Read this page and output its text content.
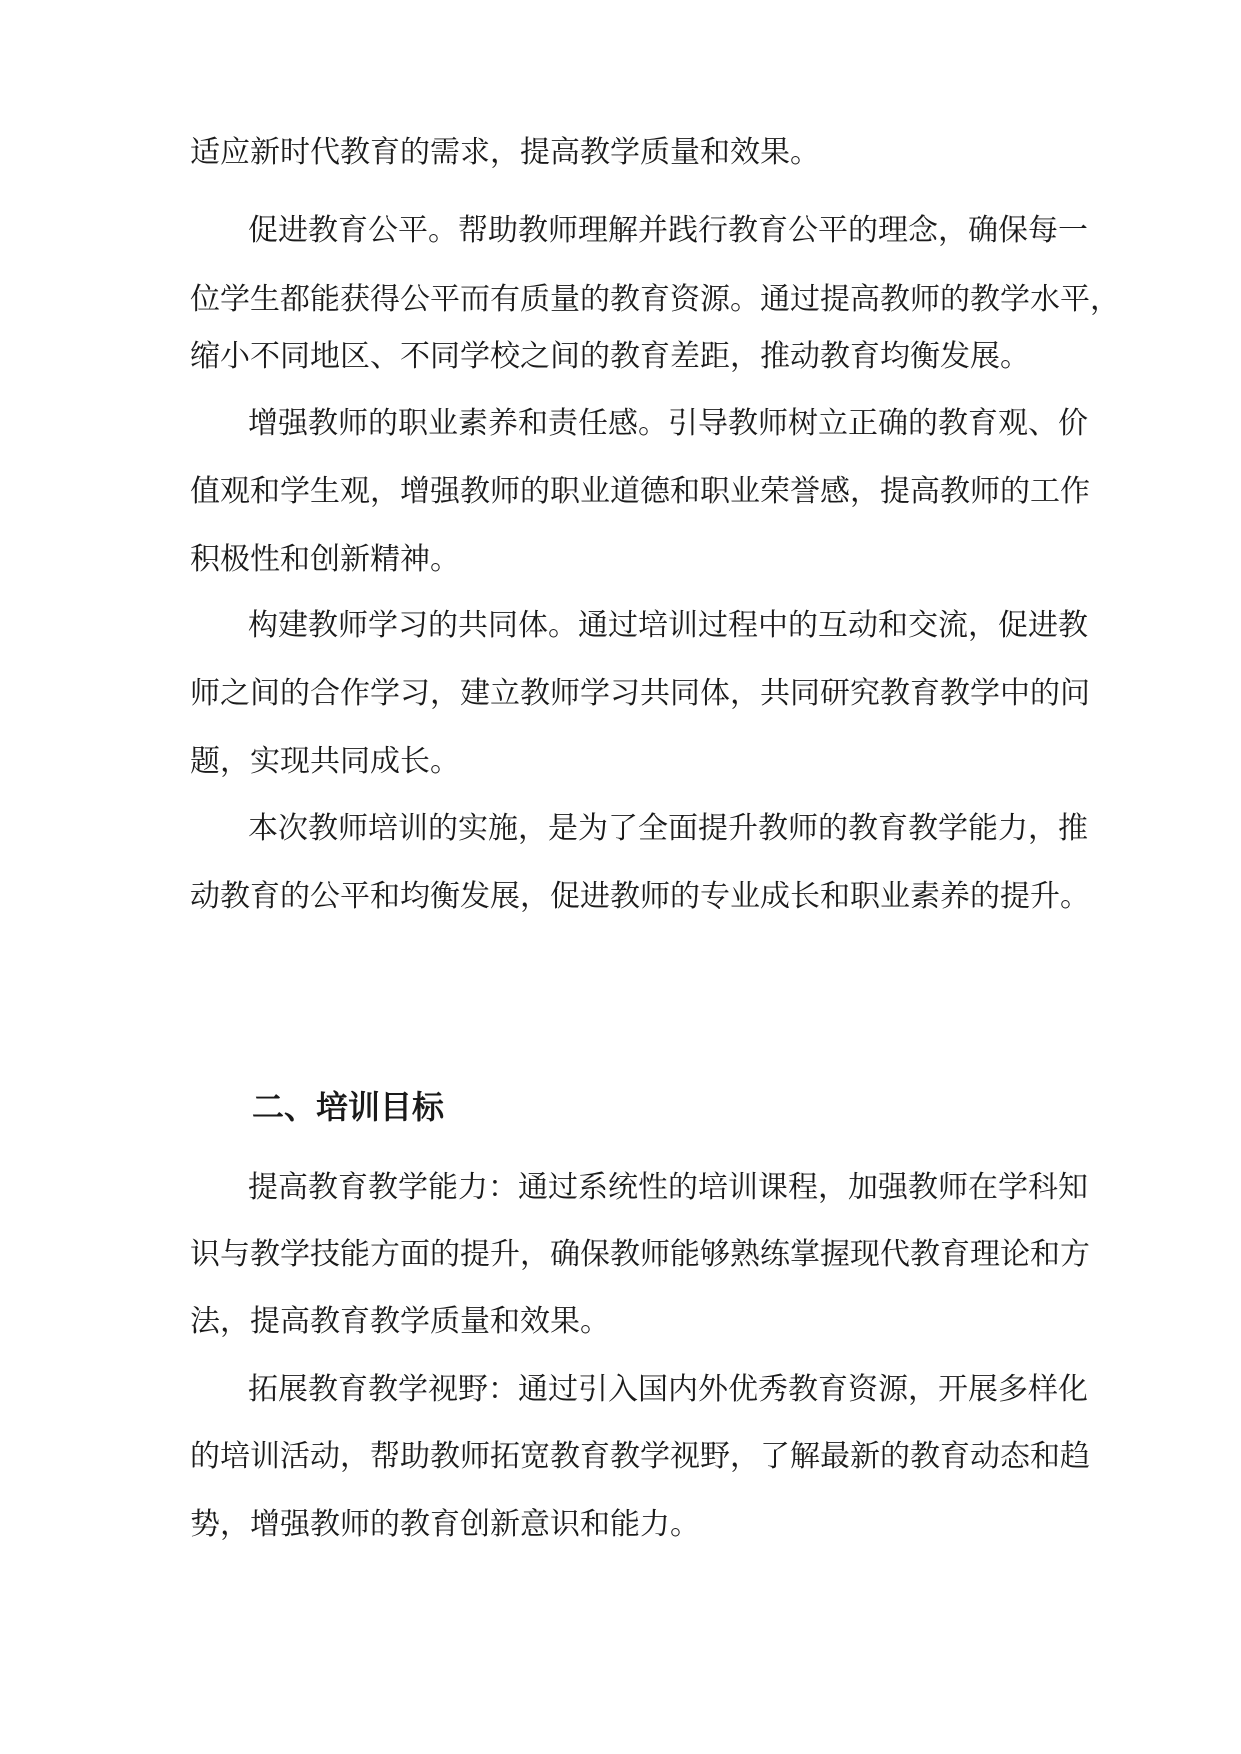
适应新时代教育的需求，提高教学质量和效果。

促进教育公平。帮助教师理解并践行教育公平的理念，确保每一

位学生都能获得公平而有质量的教育资源。通过提高教师的教学水平，

缩小不同地区、不同学校之间的教育差距，推动教育均衡发展。

增强教师的职业素养和责任感。引导教师树立正确的教育观、价

值观和学生观，增强教师的职业道德和职业荣誉感，提高教师的工作

积极性和创新精神。

构建教师学习的共同体。通过培训过程中的互动和交流，促进教

师之间的合作学习，建立教师学习共同体，共同研究教育教学中的问

题，实现共同成长。

本次教师培训的实施，是为了全面提升教师的教育教学能力，推

动教育的公平和均衡发展，促进教师的专业成长和职业素养的提升。

二、培训目标

提高教育教学能力：通过系统性的培训课程，加强教师在学科知

识与教学技能方面的提升，确保教师能够熟练掌握现代教育理论和方

法，提高教育教学质量和效果。

拓展教育教学视野：通过引入国内外优秀教育资源，开展多样化

的培训活动，帮助教师拓宽教育教学视野，了解最新的教育动态和趋

势，增强教师的教育创新意识和能力。
